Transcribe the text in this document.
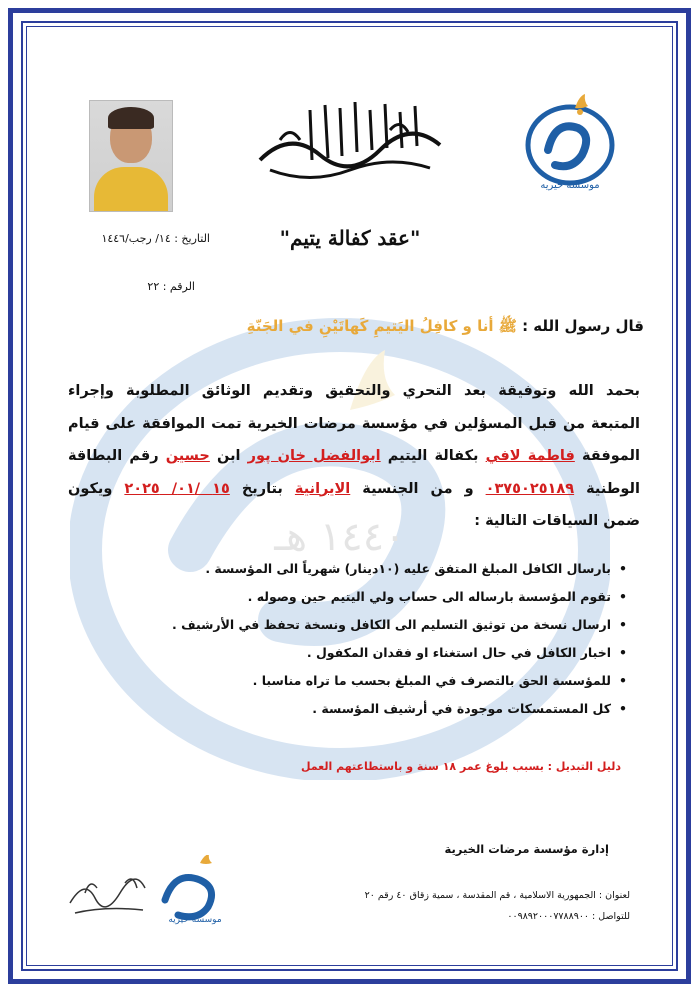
١٤٤٠ هـ
موسسه خیریه
"عقد كفالة يتيم"
التاريخ : ١٤/ رجب/١٤٤٦
الرقم : ٢٢
قال رسول الله : ﷺ أنا و كافِلُ اليَتيمِ كَهاتَيْنِ في الجَنّةِ
بحمد الله وتوفيقة بعد التحري والتحقيق وتقديم الوثائق المطلوبة وإجراء
المتبعة من قبل المسؤلين في مؤسسة مرضات الخيرية تمت الموافقة على قيام
الموفقة فاطمة لافي بكفالة اليتيم ابوالفضل خان پور ابن حسين رقم البطاقة
الوطنية ٠٣٧٥٠٢٥١٨٩ و من الجنسية الايرانية بتاريخ ١٥ /٠١/ ٢٠٢٥ ويكون
ضمن السياقات التالية :
• بارسال الكافل المبلغ المتفق عليه (١٠دينار) شهرياً الى المؤسسة .
• تقوم المؤسسة بارساله الى حساب ولي اليتيم حين وصوله .
• ارسال نسخة من توثيق التسليم الى الكافل ونسخة تحفظ في الأرشيف .
• اخبار الكافل في حال استغناء او فقدان المكفول .
• للمؤسسة الحق بالتصرف في المبلغ بحسب ما تراه مناسبا .
• كل المستمسكات موجودة في أرشيف المؤسسة .
دليل التبديل : بسبب بلوغ عمر ١٨ سنة و باستطاعتهم العمل
إدارة مؤسسة مرضات الخيرية
موسسه خیریه
لعنوان : الجمهورية الاسلامية ، قم المقدسة ، سمية زقاق ٤٠ رقم ٢٠
للتواصل : ٠٠٩٨٩٢٠٠٠٧٧٨٨٩٠٠
